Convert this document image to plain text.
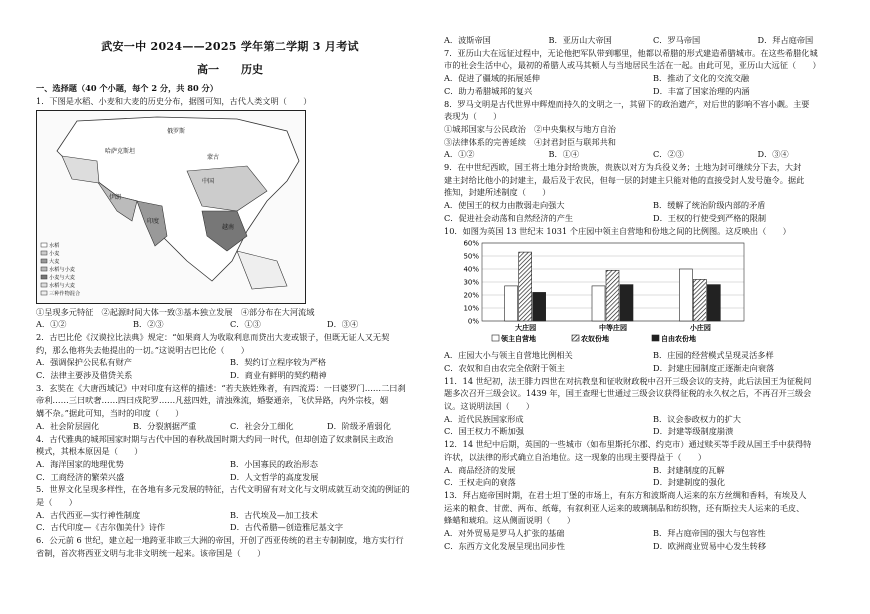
武安一中 2024——2025 学年第二学期 3 月考试
高一　　历史
一、选择题（40 个小题，每个 2 分，共 80 分）
1．下图是水稻、小麦和大麦的历史分布，据图可知，古代人类文明（　　）
俄罗斯
哈萨克斯坦
中国
伊朗
印度
蒙古
越南
水稻
小麦
大麦
水稻与小麦
小麦与大麦
水稻与大麦
三种作物混合
①呈现多元特征　②起源时间大体一致③基本独立发展　④部分布在大河流域
A．①②	B．②③	C．①③	D．③④
2．古巴比伦《汉谟拉比法典》规定：“如果商人为收取利息而贷出大麦或银子，但既无证人又无契
约，那么他将失去他提出的一切。”这说明古巴比伦（　　）
A．强调保护公民私有财产	B．契约订立程序较为严格
C．法律主要涉及借贷关系	D．商业有鲜明的契约精神
3．玄奘在《大唐西域记》中对印度有这样的描述：“若夫族姓殊者，有四流焉：一曰婆罗门……二曰刹
帝利……三曰吠奢……四曰戍陀罗……凡兹四姓，清浊殊流，婚娶通亲，飞伏异路，内外宗枝，姻
媾不杂。”据此可知，当时的印度（　　）
A．社会阶层固化	B．分裂割据严重	C．社会分工细化	D．阶级矛盾弱化
4．古代雅典的城邦国家时期与古代中国的春秋战国时期大约同一时代，但却创造了奴隶制民主政治
模式，其根本原因是（　　）
A．海洋国家的地理优势	B．小国寡民的政治形态
C．工商经济的繁荣兴盛	D．人文哲学的高度发展
5．世界文化呈现多样性，在各地有多元发展的特征，古代文明留有对文化与文明成就互动交流的例证的
是（　　）
A．古代西亚—实行神性制度	B．古代埃及—加工技术
C．古代印度—《吉尔伽美什》诗作	D．古代希腊—创造雅尼基文字
6．公元前 6 世纪，建立起一地跨亚非欧三大洲的帝国，开创了西亚传统的君主专制制度，地方实行行
省制，首次将西亚文明与北非文明统一起来。该帝国是（　　）
A．波斯帝国	B．亚历山大帝国	C．罗马帝国	D．拜占庭帝国
7．亚历山大在远征过程中，无论他把军队带到哪里，他都以希腊的形式建造希腊城市。在这些希腊化城
市的社会生活中心，最初的希腊人或马其顿人与当地居民生活在一起。由此可见，亚历山大远征（　　）
A．促进了疆域的拓展延伸	B．推动了文化的交流交融
C．助力希腊城邦的复兴	D．丰富了国家治理的内涵
8．罗马文明是古代世界中辉煌而持久的文明之一，其留下的政治遗产，对后世的影响不容小觑。主要
表现为（　　）
①城邦国家与公民政治　 ②中央集权与地方自治
③法律体系的完善延续　 ④封君封臣与联邦共和
A．①②	B．①④	C．②③	D．③④
9．在中世纪西欧，国王将土地分封给贵族，贵族以对方为兵役义务；土地为封可继续分下去，大封
建主封给比他小的封建主，最后及于农民，但每一层的封建主只能对他的直接受封人发号施令。据此
推知，封建所述制度（　　）
A．使国王的权力由散弱走向强大	B．缓解了统治阶级内部的矛盾
C．促进社会动荡和自然经济的产生	D．王权的行使受到严格的限制
10．如图为英国 13 世纪末 1031 个庄园中领主自营地和份地之间的比例图。这反映出（　　）
0%
10%
20%
30%
40%
50%
60%
大庄园	中等庄园	小庄园
领主自营地	农奴份地	自由农份地
A．庄园大小与领主自营地比例相关	B．庄园的经营模式呈现灵活多样
C．农奴和自由农完全依附于领主	D．封建庄园制度正逐渐走向衰落
11．14 世纪初，法王腓力四世在对抗教皇和征收财政税中召开三级会议的支持，此后法国王为征税问
题多次召开三级会议。1439 年，国王查理七世通过三级会议获得征税的永久权之后，不再召开三级会
议。这说明法国（　　）
A．近代民族国家形成	B．议会参政权力的扩大
C．国王权力不断加强	D．封建等级制度崩溃
12．14 世纪中后期，英国的一些城市（如布里斯托尔郡、约克市）通过赎买等手段从国王手中获得特
许状，以法律的形式确立自治地位。这一现象的出现主要得益于（　　）
A．商品经济的发展	B．封建制度的瓦解
C．王权走向的衰落	D．封建制度的强化
13．拜占庭帝国时期，在君士坦丁堡的市场上，有东方和波斯商人运来的东方丝绸和香料，有埃及人
运来的粮食、甘蔗、两布、纸莓，有叙利亚人运来的玻璃制品和纺织物，还有斯拉夫人运来的毛皮、
蜂蜡和琥珀。这从侧面说明（　　）
A．对外贸易是罗马人扩张的基础	B．拜占庭帝国的强大与包容性
C．东西方文化发展呈现出同步性	D．欧洲商业贸易中心发生转移
